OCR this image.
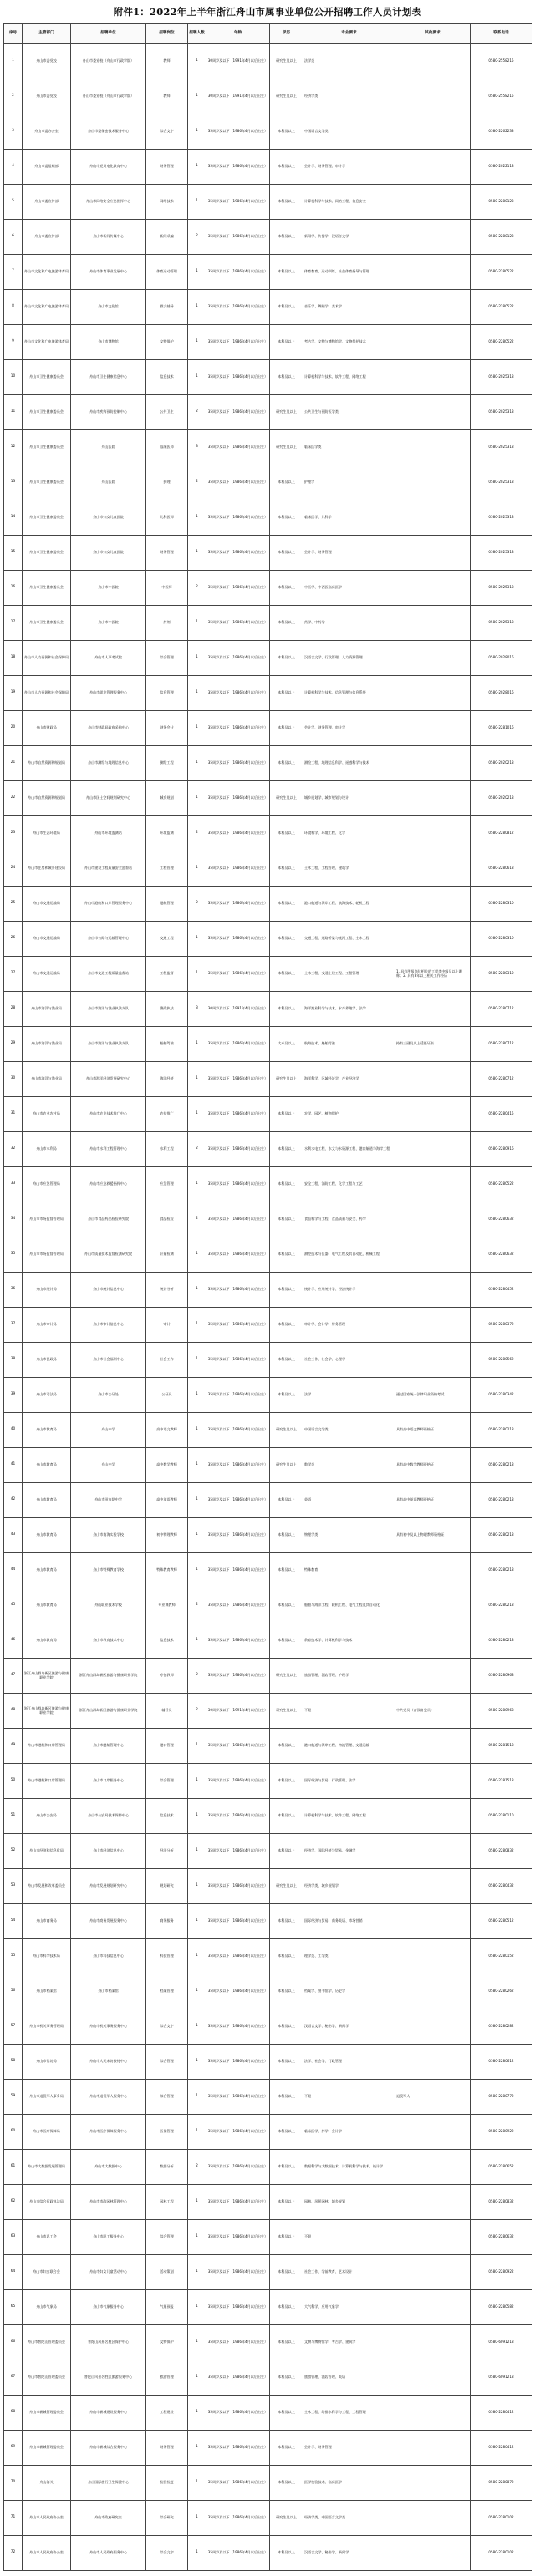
附件1：2022年上半年浙江舟山市属事业单位公开招聘工作人员计划表
序号	主管部门	招聘单位	招聘岗位	招聘人数	年龄	学历	专业要求	其他要求	联系电话
1	舟山市委党校	舟山市委党校（舟山市行政学院）	教师	1	30周岁及以下（1991年4月以后出生）	研究生及以上	法学类		0580-2558215
2	舟山市委党校	舟山市委党校（舟山市行政学院）	教师	1	30周岁及以下（1991年4月以后出生）	研究生及以上	经济学类		0580-2558215
3	舟山市委办公室	舟山市委保密技术服务中心	综合文字	1	35周岁及以下（1986年4月以后出生）	本科及以上	中国语言文学类		0580-2262233
4	舟山市委组织部	舟山市党员电化教育中心	财务管理	1	35周岁及以下（1986年4月以后出生）	本科及以上	会计学、财务管理、审计学		0580-2022118
5	舟山市委宣传部	舟山市网络安全应急指挥中心	网络技术	1	35周岁及以下（1986年4月以后出生）	本科及以上	计算机科学与技术、网络工程、信息安全		0580-2280123
6	舟山市委宣传部	舟山市新闻传媒中心	新闻采编	2	35周岁及以下（1986年4月以后出生）	本科及以上	新闻学、传播学、汉语言文学		0580-2280123
7	舟山市文化和广电旅游体育局	舟山市体育事业发展中心	体育运动管理	1	35周岁及以下（1986年4月以后出生）	本科及以上	体育教育、运动训练、社会体育指导与管理		0580-2280522
8	舟山市文化和广电旅游体育局	舟山市文化馆	群文辅导	1	35周岁及以下（1986年4月以后出生）	本科及以上	音乐学、舞蹈学、美术学		0580-2280522
9	舟山市文化和广电旅游体育局	舟山市博物馆	文物保护	1	35周岁及以下（1986年4月以后出生）	本科及以上	考古学、文物与博物馆学、文物保护技术		0580-2280522
10	舟山市卫生健康委员会	舟山市卫生健康信息中心	信息技术	1	35周岁及以下（1986年4月以后出生）	本科及以上	计算机科学与技术、软件工程、网络工程		0580-2025318
11	舟山市卫生健康委员会	舟山市疾病预防控制中心	公共卫生	2	35周岁及以下（1986年4月以后出生）	研究生及以上	公共卫生与预防医学类		0580-2025318
12	舟山市卫生健康委员会	舟山医院	临床医师	3	35周岁及以下（1986年4月以后出生）	研究生及以上	临床医学类		0580-2025318
13	舟山市卫生健康委员会	舟山医院	护理	2	35周岁及以下（1986年4月以后出生）	本科及以上	护理学		0580-2025318
14	舟山市卫生健康委员会	舟山市妇女儿童医院	儿科医师	1	35周岁及以下（1986年4月以后出生）	本科及以上	临床医学、儿科学		0580-2025318
15	舟山市卫生健康委员会	舟山市妇女儿童医院	财务管理	1	35周岁及以下（1986年4月以后出生）	本科及以上	会计学、财务管理		0580-2025318
16	舟山市卫生健康委员会	舟山市中医院	中医师	2	35周岁及以下（1986年4月以后出生）	本科及以上	中医学、中西医临床医学		0580-2025318
17	舟山市卫生健康委员会	舟山市中医院	药剂	1	35周岁及以下（1986年4月以后出生）	本科及以上	药学、中药学		0580-2025318
18	舟山市人力资源和社会保障局	舟山市人事考试院	综合管理	1	35周岁及以下（1986年4月以后出生）	本科及以上	汉语言文学、行政管理、人力资源管理		0580-2028016
19	舟山市人力资源和社会保障局	舟山市就业管理服务中心	信息管理	1	35周岁及以下（1986年4月以后出生）	本科及以上	计算机科学与技术、信息管理与信息系统		0580-2028016
20	舟山市财政局	舟山市财政局政府采购中心	财务会计	1	35周岁及以下（1986年4月以后出生）	本科及以上	会计学、财务管理、审计学		0580-2281016
21	舟山市自然资源和规划局	舟山市测绘与地理信息中心	测绘工程	1	35周岁及以下（1986年4月以后出生）	本科及以上	测绘工程、地理信息科学、遥感科学与技术		0580-2020218
22	舟山市自然资源和规划局	舟山市国土空间规划研究中心	城乡规划	1	35周岁及以下（1986年4月以后出生）	研究生及以上	城乡规划学、城市规划与设计		0580-2020218
23	舟山市生态环境局	舟山市环境监测站	环境监测	2	35周岁及以下（1986年4月以后出生）	本科及以上	环境科学、环境工程、化学		0580-2280812
24	舟山市住房和城乡建设局	舟山市建设工程质量安全监督站	工程管理	1	35周岁及以下（1986年4月以后出生）	本科及以上	土木工程、工程管理、建筑学		0580-2280618
25	舟山市交通运输局	舟山市港航和口岸管理服务中心	港航管理	2	35周岁及以下（1986年4月以后出生）	本科及以上	港口航道与海岸工程、航海技术、轮机工程		0580-2280310
26	舟山市交通运输局	舟山市公路与运输管理中心	交通工程	1	35周岁及以下（1986年4月以后出生）	本科及以上	交通工程、道路桥梁与渡河工程、土木工程		0580-2280310
27	舟山市交通运输局	舟山市交通工程质量监督站	工程监督	1	35周岁及以下（1986年4月以后出生）	本科及以上	土木工程、交通土建工程、工程管理	1. 具有所报岗位相关的工程类中级及以上职称；2. 具有3年以上相关工作经历	0580-2280310
28	舟山市海洋与渔业局	舟山市海洋与渔业执法支队	渔政执法	3	30周岁及以下（1991年4月以后出生）	本科及以上	海洋渔业科学与技术、水产养殖学、法学		0580-2280712
29	舟山市海洋与渔业局	舟山市海洋与渔业执法支队	船舶驾驶	1	35周岁及以下（1986年4月以后出生）	大专及以上	航海技术、船舶驾驶	持有三副及以上适任证书	0580-2280712
30	舟山市海洋与渔业局	舟山市海洋经济发展研究中心	海洋经济	1	35周岁及以下（1986年4月以后出生）	研究生及以上	海洋科学、区域经济学、产业经济学		0580-2280712
31	舟山市农业农村局	舟山市农业技术推广中心	农技推广	1	35周岁及以下（1986年4月以后出生）	本科及以上	农学、园艺、植物保护		0580-2280415
32	舟山市水利局	舟山市水利工程管理中心	水利工程	2	35周岁及以下（1986年4月以后出生）	本科及以上	水利水电工程、水文与水资源工程、港口航道与海岸工程		0580-2280916
33	舟山市应急管理局	舟山市应急救援指挥中心	应急管理	1	35周岁及以下（1986年4月以后出生）	本科及以上	安全工程、消防工程、化学工程与工艺		0580-2280522
34	舟山市市场监督管理局	舟山市食品药品检验研究院	食品检验	2	35周岁及以下（1986年4月以后出生）	本科及以上	食品科学与工程、食品质量与安全、药学		0580-2280632
35	舟山市市场监督管理局	舟山市质量技术监督检测研究院	计量检测	1	35周岁及以下（1986年4月以后出生）	本科及以上	测控技术与仪器、电气工程及其自动化、机械工程		0580-2280632
36	舟山市统计局	舟山市统计信息中心	统计分析	1	35周岁及以下（1986年4月以后出生）	本科及以上	统计学、应用统计学、经济统计学		0580-2280452
37	舟山市审计局	舟山市审计信息中心	审计	1	35周岁及以下（1986年4月以后出生）	本科及以上	审计学、会计学、财务管理		0580-2280372
38	舟山市民政局	舟山市社会福利中心	社会工作	1	35周岁及以下（1986年4月以后出生）	本科及以上	社会工作、社会学、心理学		0580-2280562
39	舟山市司法局	舟山市公证处	公证员	1	35周岁及以下（1986年4月以后出生）	本科及以上	法学	通过国家统一法律职业资格考试	0580-2280342
40	舟山市教育局	舟山中学	高中语文教师	1	35周岁及以下（1986年4月以后出生）	研究生及以上	中国语言文学类	具有高中语文教师资格证	0580-2280218
41	舟山市教育局	舟山中学	高中数学教师	1	35周岁及以下（1986年4月以后出生）	研究生及以上	数学类	具有高中数学教师资格证	0580-2280218
42	舟山市教育局	舟山市田家炳中学	高中英语教师	1	35周岁及以下（1986年4月以后出生）	本科及以上	英语	具有高中英语教师资格证	0580-2280218
43	舟山市教育局	舟山市南海实验学校	初中物理教师	1	35周岁及以下（1986年4月以后出生）	本科及以上	物理学类	具有初中及以上物理教师资格证	0580-2280218
44	舟山市教育局	舟山市特殊教育学校	特殊教育教师	1	35周岁及以下（1986年4月以后出生）	本科及以上	特殊教育		0580-2280218
45	舟山市教育局	舟山职业技术学校	专业课教师	2	35周岁及以下（1986年4月以后出生）	本科及以上	船舶与海洋工程、轮机工程、电气工程及其自动化		0580-2280218
46	舟山市教育局	舟山市教育技术中心	信息技术	1	35周岁及以下（1986年4月以后出生）	本科及以上	教育技术学、计算机科学与技术		0580-2280218
47	浙江舟山群岛新区旅游与健康职业学院	浙江舟山群岛新区旅游与健康职业学院	专任教师	2	35周岁及以下（1986年4月以后出生）	研究生及以上	旅游管理、酒店管理、护理学		0580-2280968
48	浙江舟山群岛新区旅游与健康职业学院	浙江舟山群岛新区旅游与健康职业学院	辅导员	2	30周岁及以下（1991年4月以后出生）	研究生及以上	不限	中共党员（含预备党员）	0580-2280968
49	舟山市港航和口岸管理局	舟山市港航管理中心	港口管理	1	35周岁及以下（1986年4月以后出生）	本科及以上	港口航道与海岸工程、物流管理、交通运输		0580-2281518
50	舟山市港航和口岸管理局	舟山市口岸服务中心	综合管理	1	35周岁及以下（1986年4月以后出生）	本科及以上	国际经济与贸易、行政管理、法学		0580-2281518
51	舟山市公安局	舟山市公安局技术保障中心	信息技术	1	35周岁及以下（1986年4月以后出生）	本科及以上	计算机科学与技术、软件工程、网络工程		0580-2280110
52	舟山市经济和信息化局	舟山市经济信息中心	经济分析	1	35周岁及以下（1986年4月以后出生）	本科及以上	经济学、国际经济与贸易、金融学		0580-2280832
53	舟山市发展和改革委员会	舟山市发展规划研究中心	规划研究	1	35周岁及以下（1986年4月以后出生）	研究生及以上	经济学类、城乡规划学		0580-2280432
54	舟山市商务局	舟山市商务发展服务中心	商务服务	1	35周岁及以下（1986年4月以后出生）	本科及以上	国际经济与贸易、商务英语、市场营销		0580-2280512
55	舟山市科学技术局	舟山市科技信息中心	科技管理	1	35周岁及以下（1986年4月以后出生）	本科及以上	理学类、工学类		0580-2280152
56	舟山市档案馆	舟山市档案馆	档案管理	1	35周岁及以下（1986年4月以后出生）	本科及以上	档案学、图书馆学、历史学		0580-2280262
57	舟山市机关事务管理局	舟山市机关事务服务中心	综合文字	1	35周岁及以下（1986年4月以后出生）	本科及以上	汉语言文学、秘书学、新闻学		0580-2280282
58	舟山市信访局	舟山市人民来访接待中心	综合管理	1	35周岁及以下（1986年4月以后出生）	本科及以上	法学、社会学、行政管理		0580-2280612
59	舟山市退役军人事务局	舟山市退役军人服务中心	综合管理	1	35周岁及以下（1986年4月以后出生）	本科及以上	不限	退役军人	0580-2280772
60	舟山市医疗保障局	舟山市医疗保障服务中心	医保管理	1	35周岁及以下（1986年4月以后出生）	本科及以上	临床医学、药学、会计学		0580-2280922
61	舟山市大数据发展管理局	舟山市大数据中心	数据分析	2	35周岁及以下（1986年4月以后出生）	本科及以上	数据科学与大数据技术、计算机科学与技术、统计学		0580-2280652
62	舟山市综合行政执法局	舟山市市政园林管理中心	园林工程	1	35周岁及以下（1986年4月以后出生）	本科及以上	园林、风景园林、城乡规划		0580-2280832
63	舟山市总工会	舟山市职工服务中心	综合管理	1	35周岁及以下（1986年4月以后出生）	本科及以上	不限		0580-2280632
64	舟山市妇女联合会	舟山市妇女儿童活动中心	活动策划	1	35周岁及以下（1986年4月以后出生）	本科及以上	社会工作、学前教育、艺术设计		0580-2280922
65	舟山市气象局	舟山市气象服务中心	气象预报	1	35周岁及以下（1986年4月以后出生）	本科及以上	大气科学、应用气象学		0580-2280582
66	舟山市普陀山管理委员会	普陀山风景名胜区保护中心	文物保护	1	35周岁及以下（1986年4月以后出生）	本科及以上	文物与博物馆学、考古学、建筑学		0580-6091218
67	舟山市普陀山管理委员会	普陀山风景名胜区旅游服务中心	旅游管理	1	35周岁及以下（1986年4月以后出生）	本科及以上	旅游管理、酒店管理、英语		0580-6091218
68	舟山市新城管理委员会	舟山市新城建设服务中心	工程建设	1	35周岁及以下（1986年4月以后出生）	本科及以上	土木工程、给排水科学与工程、工程管理		0580-2280412
69	舟山市新城管理委员会	舟山市新城综合服务中心	财务管理	1	35周岁及以下（1986年4月以后出生）	本科及以上	会计学、财务管理		0580-2280412
70	舟山海关	舟山国际旅行卫生保健中心	检验检疫	1	35周岁及以下（1986年4月以后出生）	本科及以上	医学检验技术、临床医学		0580-2280872
71	舟山市人民政府办公室	舟山市政府研究室	综合研究	1	35周岁及以下（1986年4月以后出生）	研究生及以上	经济学类、中国语言文学类		0580-2280102
72	舟山市人民政府办公室	舟山市人民政府服务中心	综合文字	1	35周岁及以下（1986年4月以后出生）	本科及以上	汉语言文学、秘书学、新闻学		0580-2280102
